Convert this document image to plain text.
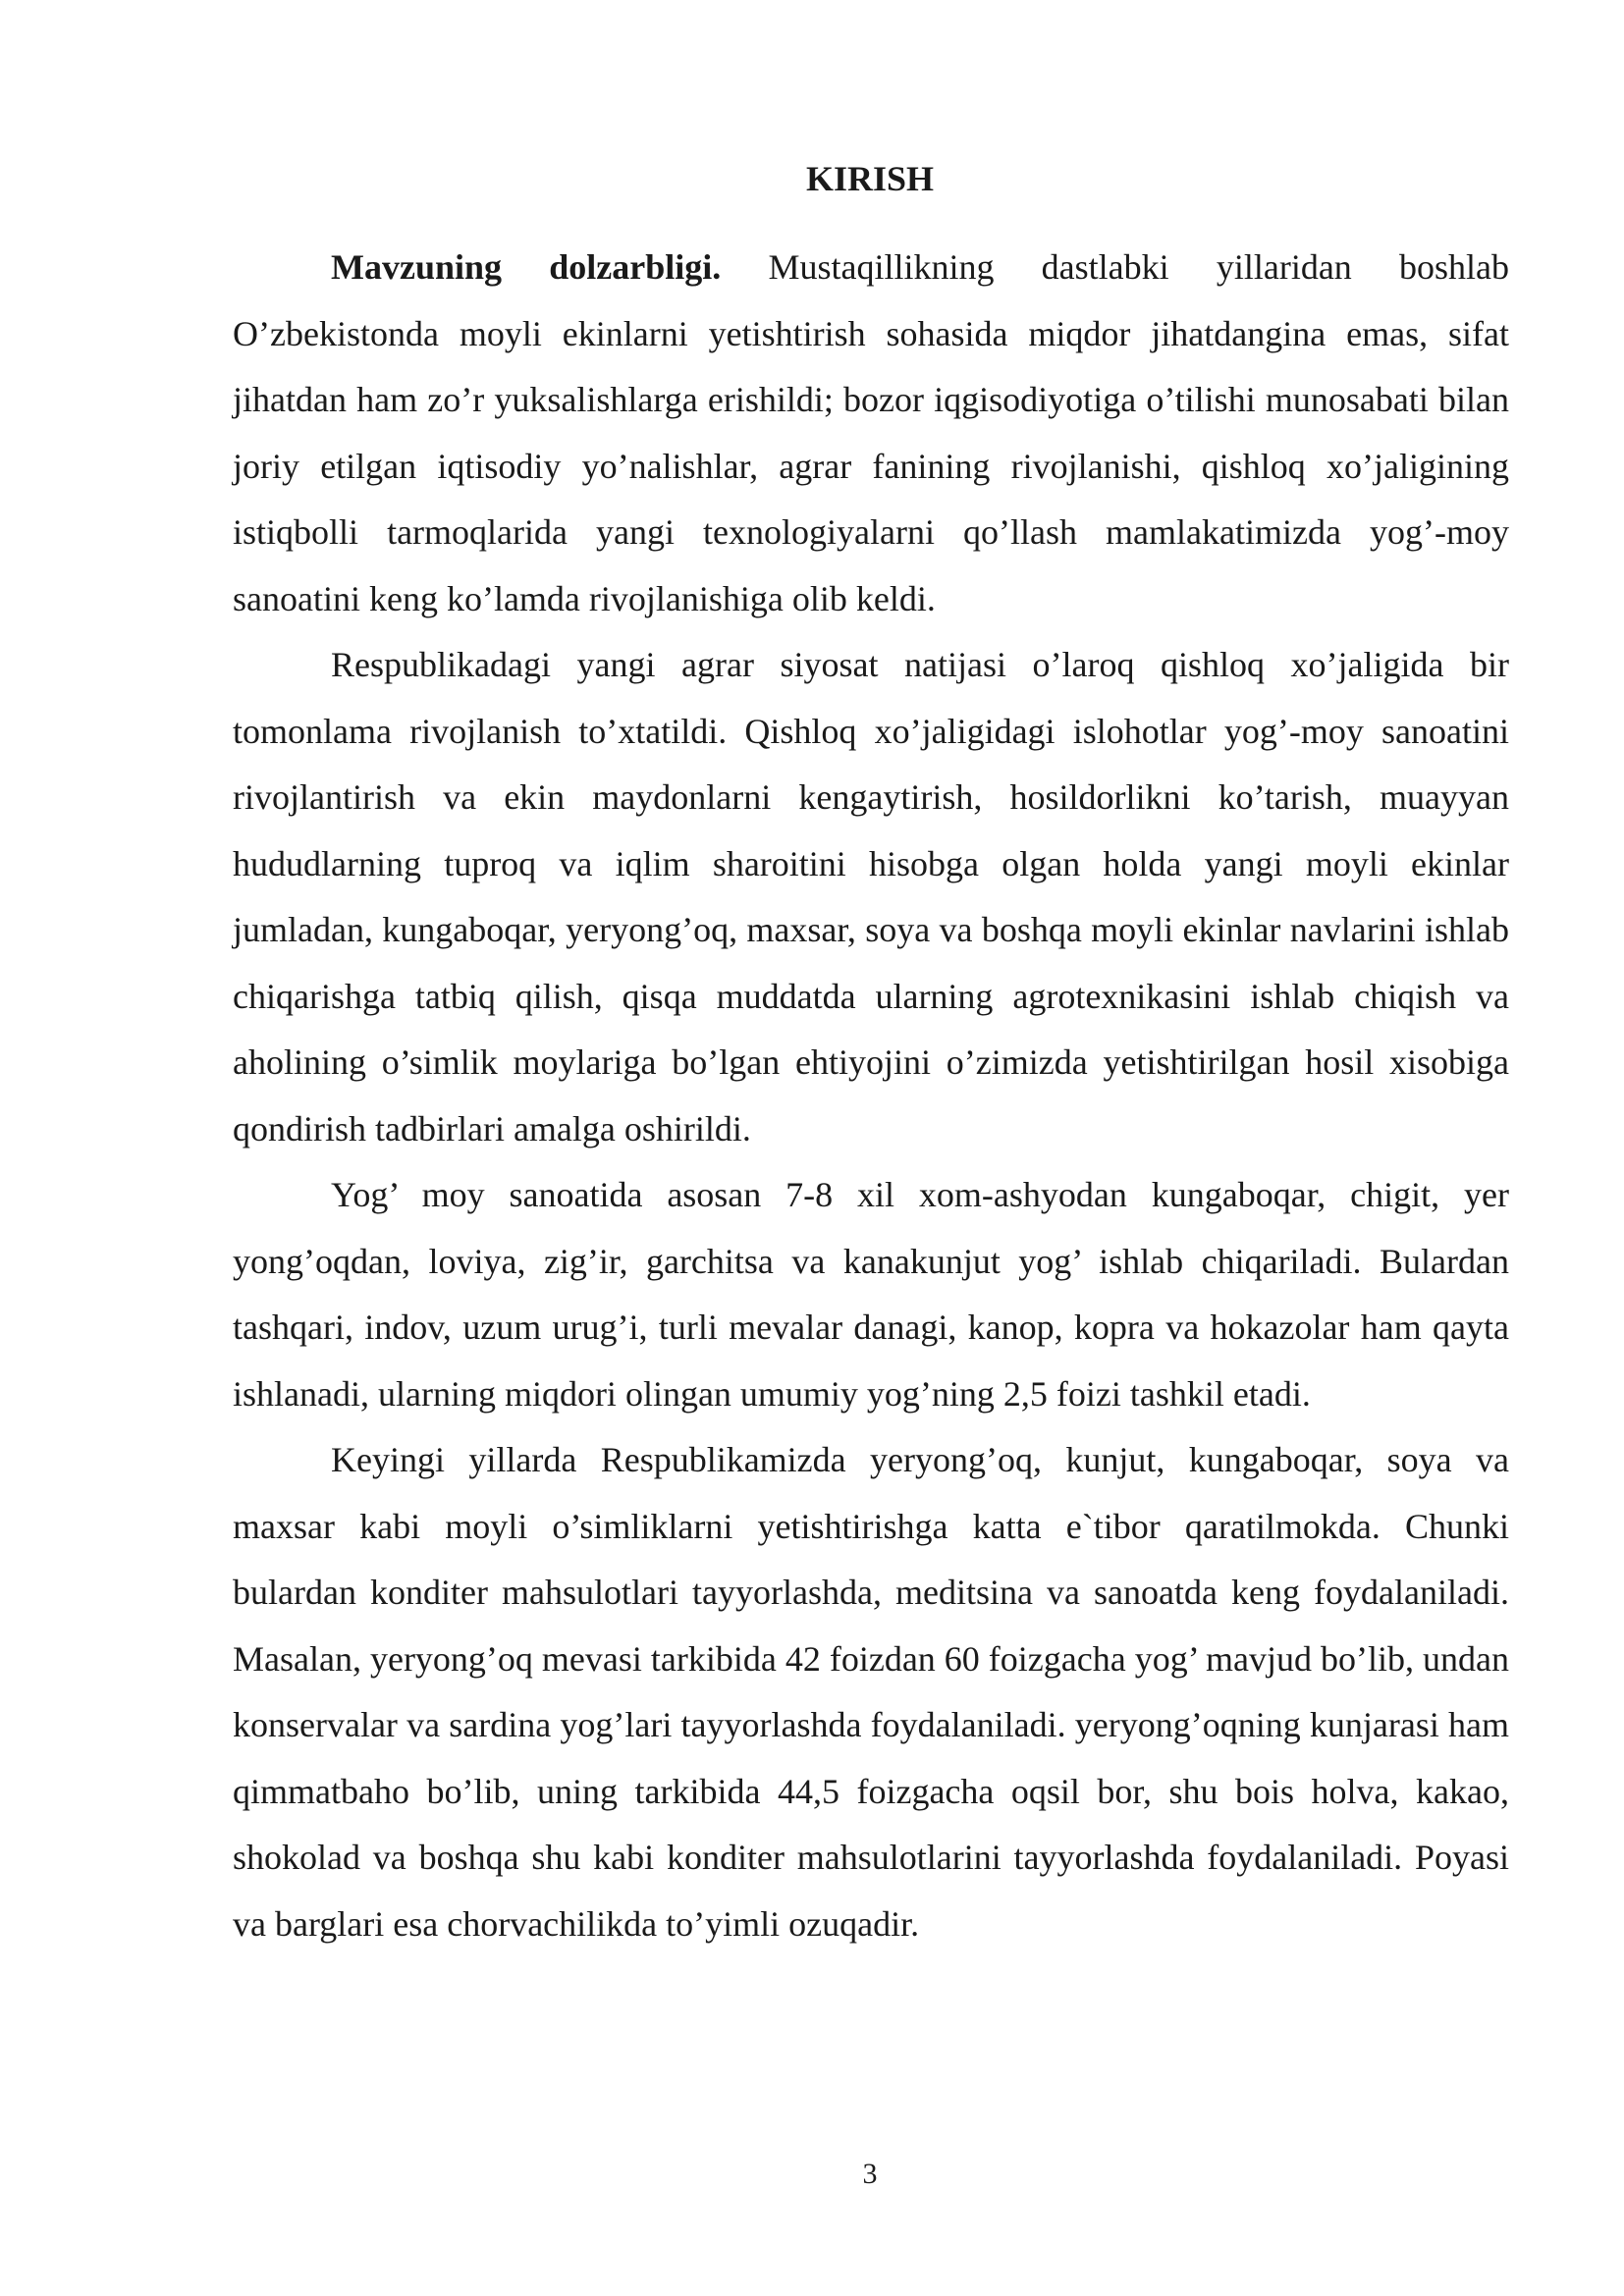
KIRISH

Mavzuning dolzarbligi. Mustaqillikning dastlabki yillaridan boshlab O’zbekistonda moyli ekinlarni yetishtirish sohasida miqdor jihatdangina emas, sifat jihatdan ham zo’r yuksalishlarga erishildi; bozor iqgisodiyotiga o’tilishi munosabati bilan joriy etilgan iqtisodiy yo’nalishlar, agrar fanining rivojlanishi, qishloq xo’jaligining istiqbolli tarmoqlarida yangi texnologiyalarni qo’llash mamlakatimizda yog’-moy sanoatini keng ko’lamda rivojlanishiga olib keldi.

Respublikadagi yangi agrar siyosat natijasi o’laroq qishloq xo’jaligida bir tomonlama rivojlanish to’xtatildi. Qishloq xo’jaligidagi islohotlar yog’-moy sanoatini rivojlantirish va ekin maydonlarni kengaytirish, hosildorlikni ko’tarish, muayyan hududlarning tuproq va iqlim sharoitini hisobga olgan holda yangi moyli ekinlar jumladan, kungaboqar, yeryong’oq, maxsar, soya va boshqa moyli ekinlar navlarini ishlab chiqarishga tatbiq qilish, qisqa muddatda ularning agrotexnikasini ishlab chiqish va aholining o’simlik moylariga bo’lgan ehtiyojini o’zimizda yetishtirilgan hosil xisobiga qondirish tadbirlari amalga oshirildi.

Yog’ moy sanoatida asosan 7-8 xil xom-ashyodan kungaboqar, chigit, yer yong’oqdan, loviya, zig’ir, garchitsa va kanakunjut yog’ ishlab chiqariladi. Bulardan tashqari, indov, uzum urug’i, turli mevalar danagi, kanop, kopra va hokazolar ham qayta ishlanadi, ularning miqdori olingan umumiy yog’ning 2,5 foizi tashkil etadi.

Keyingi yillarda Respublikamizda yeryong’oq, kunjut, kungaboqar, soya va maxsar kabi moyli o’simliklarni yetishtirishga katta e`tibor qaratilmokda. Chunki bulardan konditer mahsulotlari tayyorlashda, meditsina va sanoatda keng foydalaniladi. Masalan, yeryong’oq mevasi tarkibida 42 foizdan 60 foizgacha yog’ mavjud bo’lib, undan konservalar va sardina yog’lari tayyorlashda foydalaniladi. yeryong’oqning kunjarasi ham qimmatbaho bo’lib, uning tarkibida 44,5 foizgacha oqsil bor, shu bois holva, kakao, shokolad va boshqa shu kabi konditer mahsulotlarini tayyorlashda foydalaniladi. Poyasi va barglari esa chorvachilikda to’yimli ozuqadir.

3
